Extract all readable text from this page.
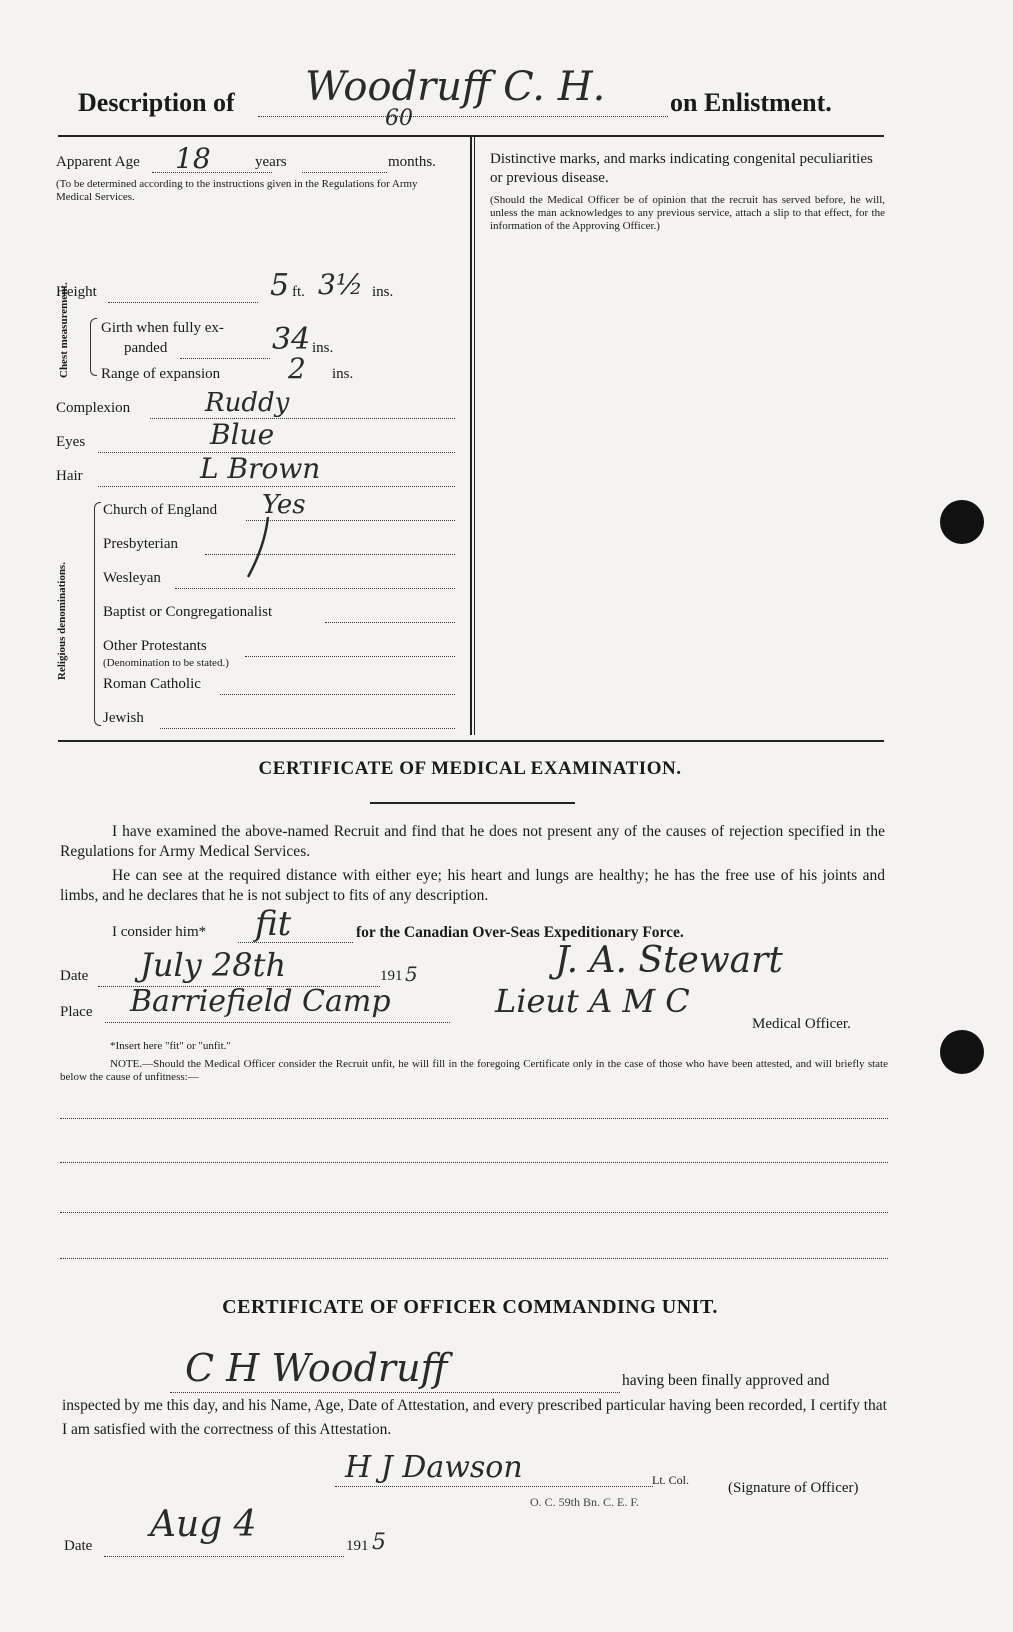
Description of Woodruff C. H.
60
on Enlistment.
Apparent Age 18	years	months.
(To be determined according to the instructions given in the Regulations for Army Medical Services.
Height	5 ft. 3½ ins.
Chest measurement. Girth when fully ex-
panded	34 ins.
Range of expansion 2 ins.
Complexion	Ruddy
Eyes	Blue
Hair	L Brown
Religious denominations.
Church of England Yes
Presbyterian
Wesleyan
Baptist or Congregationalist
Other Protestants
(Denomination to be stated.)
Roman Catholic
Jewish
Distinctive marks, and marks indicating congenital peculiarities or previous disease.
(Should the Medical Officer be of opinion that the recruit has served before, he will, unless the man acknowledges to any previous service, attach a slip to that effect, for the information of the Approving Officer.)
CERTIFICATE OF MEDICAL EXAMINATION.
I have examined the above-named Recruit and find that he does not present any of the causes of rejection specified in the Regulations for Army Medical Services.
He can see at the required distance with either eye; his heart and lungs are healthy; he has the free use of his joints and limbs, and he declares that he is not subject to fits of any description.
I consider him* fit	for the Canadian Over-Seas Expeditionary Force.
Date July 28th	191 5
Place Barriefield Camp
J. A. Stewart
Lieut A M C
Medical Officer.
*Insert here "fit" or "unfit."
NOTE.—Should the Medical Officer consider the Recruit unfit, he will fill in the foregoing Certificate only in the case of those who have been attested, and will briefly state below the cause of unfitness:—
CERTIFICATE OF OFFICER COMMANDING UNIT.
C H Woodruff	having been finally approved and
inspected by me this day, and his Name, Age, Date of Attestation, and every prescribed particular having been recorded, I certify that I am satisfied with the correctness of this Attestation.
H J Dawson	Lt. Col.
O. C. 59th Bn. C. E. F.
(Signature of Officer)
Date
Aug 4
191 5
